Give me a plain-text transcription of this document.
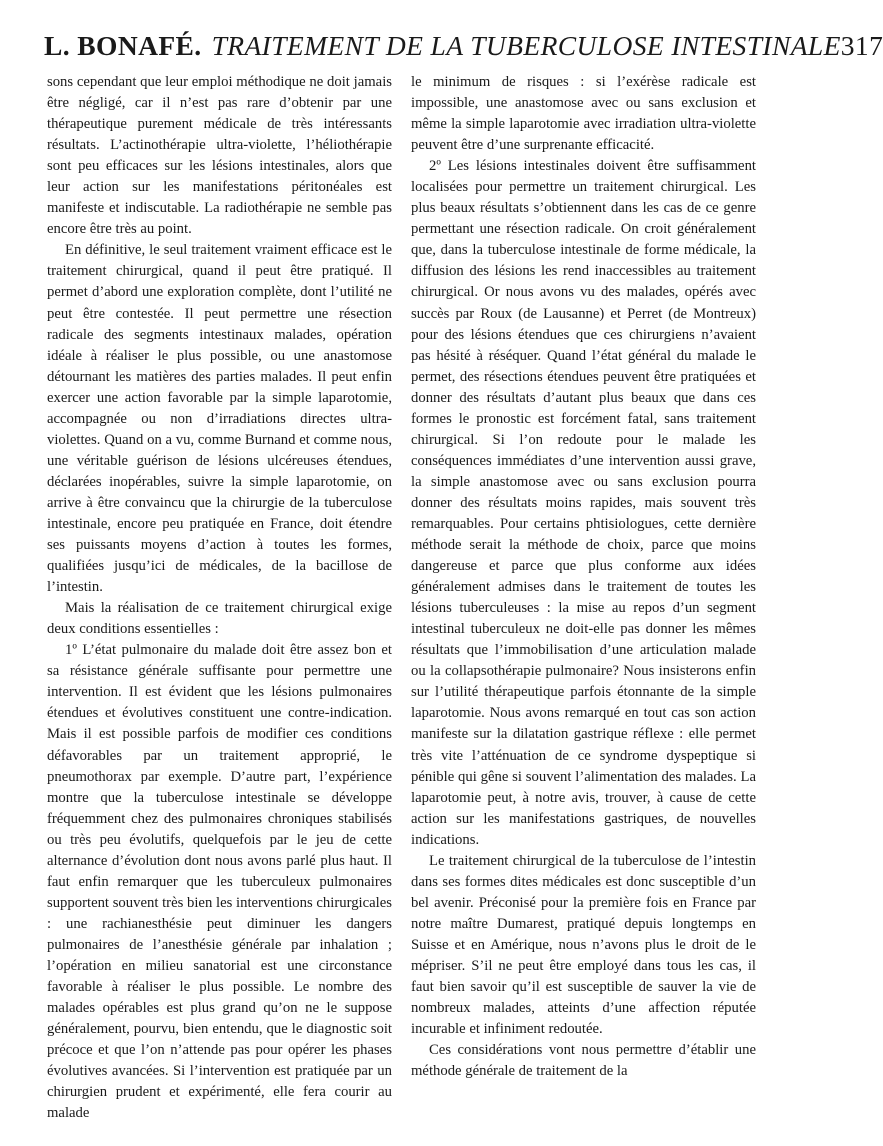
L. BONAFÉ. TRAITEMENT DE LA TUBERCULOSE INTESTINALE 317

sons cependant que leur emploi méthodique ne doit jamais être négligé, car il n’est pas rare d’obtenir par une thérapeutique purement médicale de très intéressants résultats. L’actinothérapie ultra-violette, l’héliothérapie sont peu efficaces sur les lésions intestinales, alors que leur action sur les manifestations péritonéales est manifeste et indiscutable. La radiothérapie ne semble pas encore être très au point.

En définitive, le seul traitement vraiment efficace est le traitement chirurgical, quand il peut être pratiqué. Il permet d’abord une exploration complète, dont l’utilité ne peut être contestée. Il peut permettre une résection radicale des segments intestinaux malades, opération idéale à réaliser le plus possible, ou une anastomose détournant les matières des parties malades. Il peut enfin exercer une action favorable par la simple laparotomie, accompagnée ou non d’irradiations directes ultra-violettes. Quand on a vu, comme Burnand et comme nous, une véritable guérison de lésions ulcéreuses étendues, déclarées inopérables, suivre la simple laparotomie, on arrive à être convaincu que la chirurgie de la tuberculose intestinale, encore peu pratiquée en France, doit étendre ses puissants moyens d’action à toutes les formes, qualifiées jusqu’ici de médicales, de la bacillose de l’intestin.

Mais la réalisation de ce traitement chirurgical exige deux conditions essentielles :

1º L’état pulmonaire du malade doit être assez bon et sa résistance générale suffisante pour permettre une intervention. Il est évident que les lésions pulmonaires étendues et évolutives constituent une contre-indication. Mais il est possible parfois de modifier ces conditions défavorables par un traitement approprié, le pneumothorax par exemple. D’autre part, l’expérience montre que la tuberculose intestinale se développe fréquemment chez des pulmonaires chroniques stabilisés ou très peu évolutifs, quelquefois par le jeu de cette alternance d’évolution dont nous avons parlé plus haut. Il faut enfin remarquer que les tuberculeux pulmonaires supportent souvent très bien les interventions chirurgicales : une rachianesthésie peut diminuer les dangers pulmonaires de l’anesthésie générale par inhalation ; l’opération en milieu sanatorial est une circonstance favorable à réaliser le plus possible. Le nombre des malades opérables est plus grand qu’on ne le suppose généralement, pourvu, bien entendu, que le diagnostic soit précoce et que l’on n’attende pas pour opérer les phases évolutives avancées. Si l’intervention est pratiquée par un chirurgien prudent et expérimenté, elle fera courir au malade

le minimum de risques : si l’exérèse radicale est impossible, une anastomose avec ou sans exclusion et même la simple laparotomie avec irradiation ultra-violette peuvent être d’une surprenante efficacité.

2º Les lésions intestinales doivent être suffisamment localisées pour permettre un traitement chirurgical. Les plus beaux résultats s’obtiennent dans les cas de ce genre permettant une résection radicale. On croit généralement que, dans la tuberculose intestinale de forme médicale, la diffusion des lésions les rend inaccessibles au traitement chirurgical. Or nous avons vu des malades, opérés avec succès par Roux (de Lausanne) et Perret (de Montreux) pour des lésions étendues que ces chirurgiens n’avaient pas hésité à réséquer. Quand l’état général du malade le permet, des résections étendues peuvent être pratiquées et donner des résultats d’autant plus beaux que dans ces formes le pronostic est forcément fatal, sans traitement chirurgical. Si l’on redoute pour le malade les conséquences immédiates d’une intervention aussi grave, la simple anastomose avec ou sans exclusion pourra donner des résultats moins rapides, mais souvent très remarquables. Pour certains phtisiologues, cette dernière méthode serait la méthode de choix, parce que moins dangereuse et parce que plus conforme aux idées généralement admises dans le traitement de toutes les lésions tuberculeuses : la mise au repos d’un segment intestinal tuberculeux ne doit-elle pas donner les mêmes résultats que l’immobilisation d’une articulation malade ou la collapsothérapie pulmonaire? Nous insisterons enfin sur l’utilité thérapeutique parfois étonnante de la simple laparotomie. Nous avons remarqué en tout cas son action manifeste sur la dilatation gastrique réflexe : elle permet très vite l’atténuation de ce syndrome dyspeptique si pénible qui gêne si souvent l’alimentation des malades. La laparotomie peut, à notre avis, trouver, à cause de cette action sur les manifestations gastriques, de nouvelles indications.

Le traitement chirurgical de la tuberculose de l’intestin dans ses formes dites médicales est donc susceptible d’un bel avenir. Préconisé pour la première fois en France par notre maître Dumarest, pratiqué depuis longtemps en Suisse et en Amérique, nous n’avons plus le droit de le mépriser. S’il ne peut être employé dans tous les cas, il faut bien savoir qu’il est susceptible de sauver la vie de nombreux malades, atteints d’une affection réputée incurable et infiniment redoutée.

Ces considérations vont nous permettre d’établir une méthode générale de traitement de la
